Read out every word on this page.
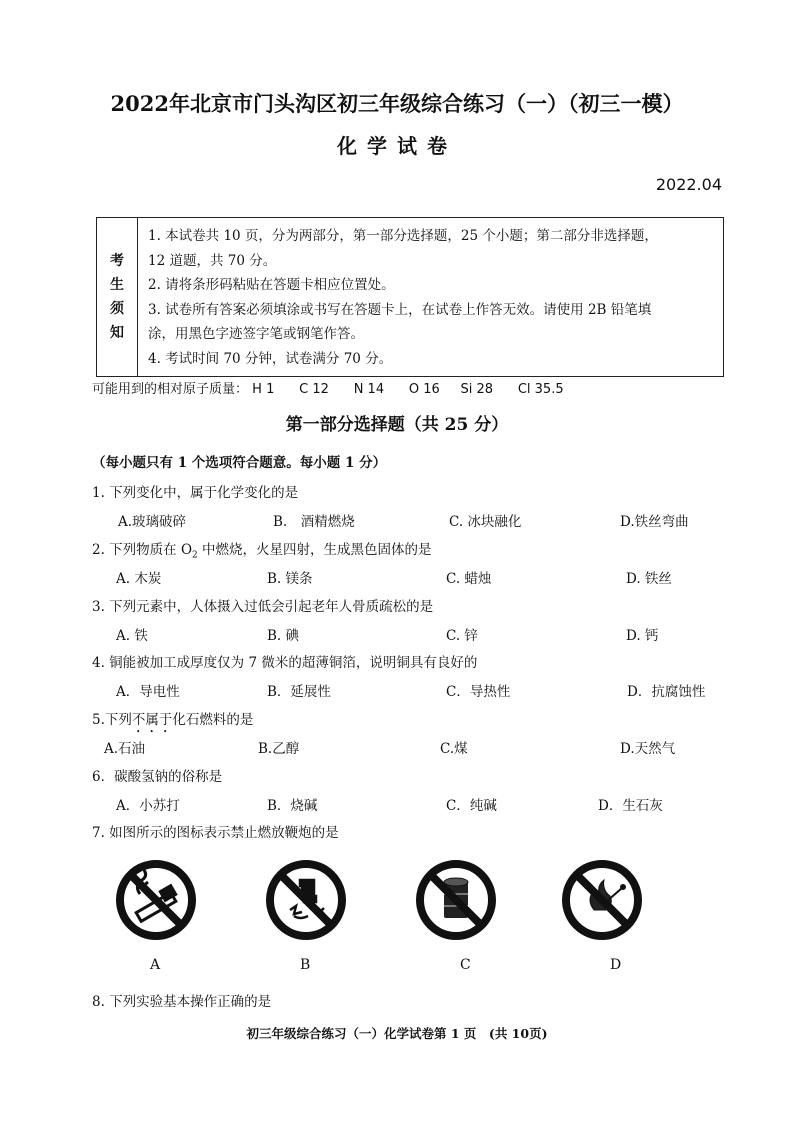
2022年北京市门头沟区初三年级综合练习（一）（初三一模）
化学试卷
2022.04
考
生
须
知

1. 本试卷共 10 页，分为两部分，第一部分选择题，25 个小题；第二部分非选择题，

12 道题，共 70 分。

2. 请将条形码粘贴在答题卡相应位置处。

3. 试卷所有答案必须填涂或书写在答题卡上，在试卷上作答无效。请使用 2B 铅笔填

涂，用黑色字迹签字笔或钢笔作答。

4. 考试时间 70 分钟，试卷满分 70 分。

可能用到的相对原子质量： H 1 C 12 N 14 O 16 Si 28 Cl 35.5
第一部分选择题（共 25 分）
（每小题只有 1 个选项符合题意。每小题 1 分）
1. 下列变化中，属于化学变化的是
A.玻璃破碎	B.　酒精燃烧	C. 冰块融化	D.铁丝弯曲
2. 下列物质在 $O_2$ 中燃烧，火星四射，生成黑色固体的是
A. 木炭	B. 镁条	C. 蜡烛	D. 铁丝
3. 下列元素中，人体摄入过低会引起老年人骨质疏松的是
A. 铁	B. 碘	C. 锌	D. 钙
4. 铜能被加工成厚度仅为 7 微米的超薄铜箔，说明铜具有良好的
A．导电性	B．延展性	C．导热性	D．抗腐蚀性
5.下列不属于化石燃料的是
A.石油	B.乙醇	C.煤	D.天然气
6．碳酸氢钠的俗称是
A．小苏打	B．烧碱	C．纯碱	D．生石灰
7. 如图所示的图标表示禁止燃放鞭炮的是
A	B	C	D
8. 下列实验基本操作正确的是
初三年级综合练习（一）化学试卷第 1 页　(共 10页)
